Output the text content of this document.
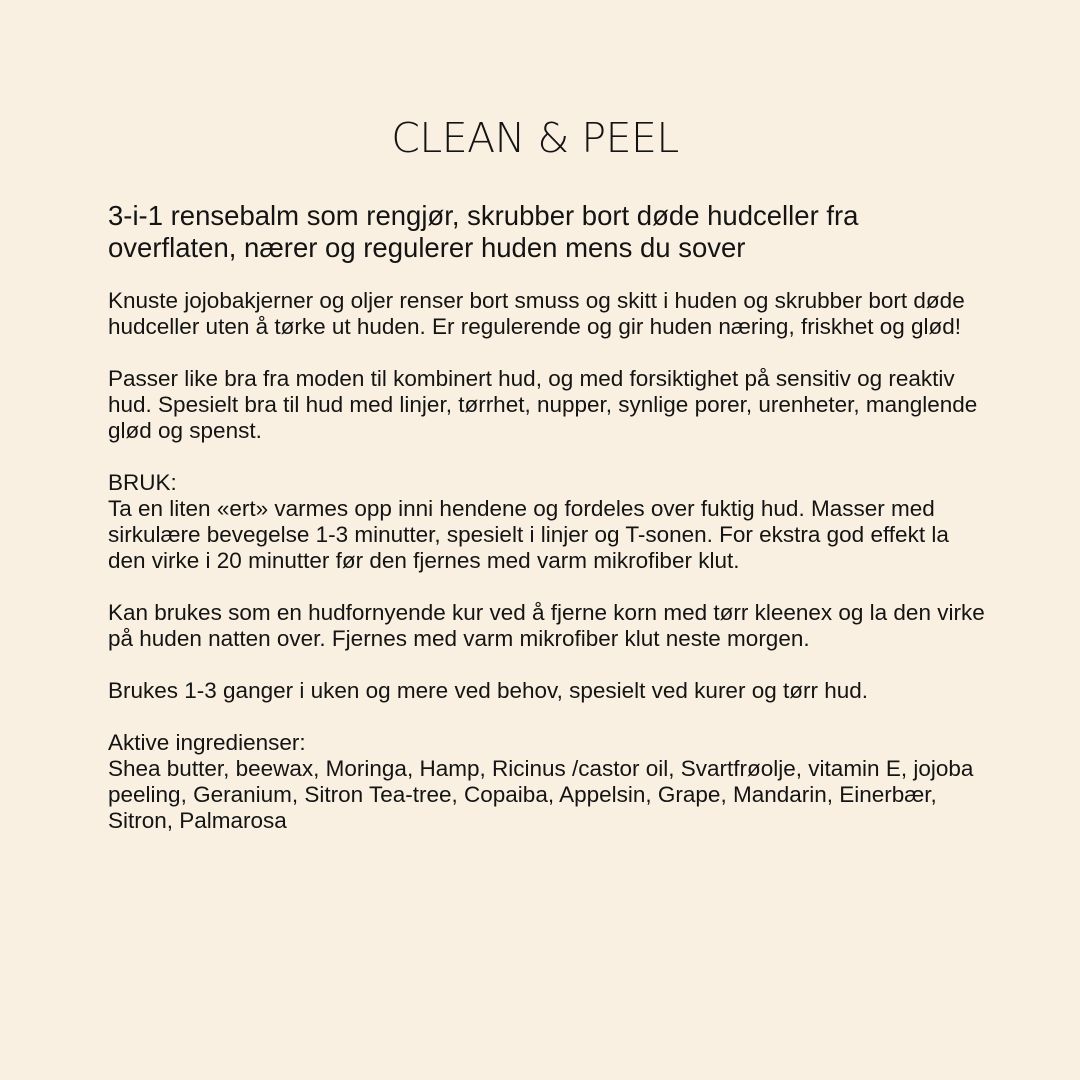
CLEAN & PEEL
3-i-1 rensebalm som rengjør, skrubber bort døde hudceller fra overflaten, nærer og regulerer huden mens du sover

Knuste jojobakjerner og oljer renser bort smuss og skitt i huden og skrubber bort døde hudceller uten å tørke ut huden. Er regulerende og gir huden næring, friskhet og glød!

Passer like bra fra moden til kombinert hud, og med forsiktighet på sensitiv og reaktiv hud. Spesielt bra til hud med linjer, tørrhet, nupper, synlige porer, urenheter, manglende glød og spenst.

BRUK:
Ta en liten «ert» varmes opp inni hendene og fordeles over fuktig hud. Masser med sirkulære bevegelse 1-3 minutter, spesielt i linjer og T-sonen. For ekstra god effekt la den virke i 20 minutter før den fjernes med varm mikrofiber klut.

Kan brukes som en hudfornyende kur ved å fjerne korn med tørr kleenex og la den virke på huden natten over. Fjernes med varm mikrofiber klut neste morgen.

Brukes 1-3 ganger i uken og mere ved behov, spesielt ved kurer og tørr hud.

Aktive ingredienser:
Shea butter, beewax, Moringa, Hamp, Ricinus /castor oil, Svartfrøolje, vitamin E, jojoba peeling, Geranium, Sitron Tea-tree, Copaiba, Appelsin, Grape, Mandarin, Einerbær, Sitron, Palmarosa
